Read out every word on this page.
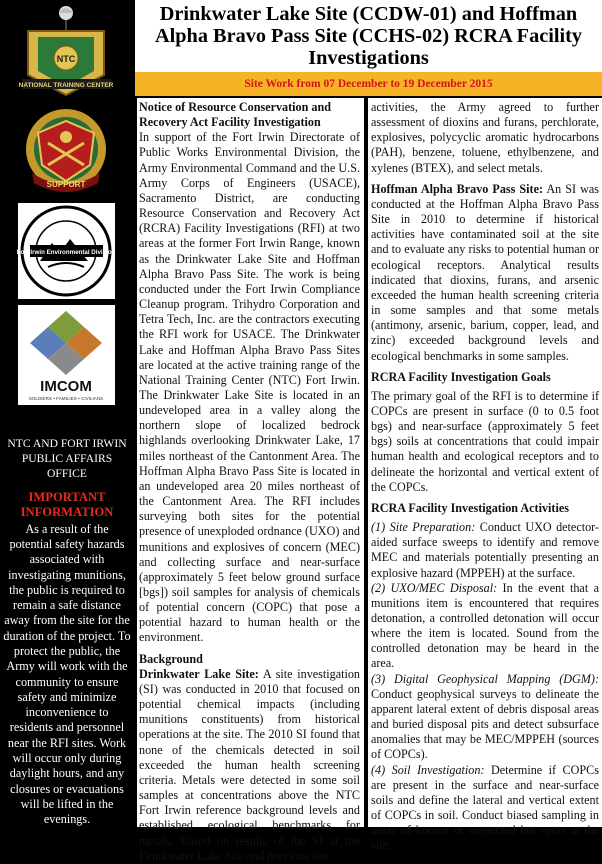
NTC
NATIONAL TRAINING CENTER
SUPPORT
Fort Irwin Environmental Division
IMCOM
SOLDIERS • FAMILIES • CIVILIANS
NTC AND FORT IRWIN PUBLIC AFFAIRS OFFICE
IMPORTANT INFORMATION
As a result of the potential safety hazards associated with investigating munitions, the public is required to remain a safe distance away from the site for the duration of the project. To protect the public, the Army will work with the community to ensure safety and minimize inconvenience to residents and personnel near the RFI sites. Work will occur only during daylight hours, and any closures or evacuations will be lifted in the evenings.
Drinkwater Lake Site (CCDW-01) and Hoffman Alpha Bravo Pass Site (CCHS-02) RCRA Facility Investigations
Site Work from 07 December to 19 December 2015
Notice of Resource Conservation and Recovery Act Facility Investigation

In support of the Fort Irwin Directorate of Public Works Environmental Division, the Army Environmental Command and the U.S. Army Corps of Engineers (USACE), Sacramento District, are conducting Resource Conservation and Recovery Act (RCRA) Facility Investigations (RFI) at two areas at the former Fort Irwin Range, known as the Drinkwater Lake Site and Hoffman Alpha Bravo Pass Site. The work is being conducted under the Fort Irwin Compliance Cleanup program. Trihydro Corporation and Tetra Tech, Inc. are the contractors executing the RFI work for USACE. The Drinkwater Lake and Hoffman Alpha Bravo Pass Sites are located at the active training range of the National Training Center (NTC) Fort Irwin. The Drinkwater Lake Site is located in an undeveloped area in a valley along the northern slope of localized bedrock highlands overlooking Drinkwater Lake, 17 miles northeast of the Cantonment Area. The Hoffman Alpha Bravo Pass Site is located in an undeveloped area 20 miles northeast of the Cantonment Area. The RFI includes surveying both sites for the potential presence of unexploded ordnance (UXO) and munitions and explosives of concern (MEC) and collecting surface and near-surface (approximately 5 feet below ground surface [bgs]) soil samples for analysis of chemicals of potential concern (COPC) that pose a potential hazard to human health or the environment.

Background

Drinkwater Lake Site: A site investigation (SI) was conducted in 2010 that focused on potential chemical impacts (including munitions constituents) from historical operations at the site. The 2010 SI found that none of the chemicals detected in soil exceeded the human health screening criteria. Metals were detected in some soil samples at concentrations above the NTC Fort Irwin reference background levels and established ecological benchmarks for metals. Based on results of the SI at the Drinkwater Lake Site and previous site

activities, the Army agreed to further assessment of dioxins and furans, perchlorate, explosives, polycyclic aromatic hydrocarbons (PAH), benzene, toluene, ethylbenzene, and xylenes (BTEX), and select metals.

Hoffman Alpha Bravo Pass Site: An SI was conducted at the Hoffman Alpha Bravo Pass Site in 2010 to determine if historical activities have contaminated soil at the site and to evaluate any risks to potential human or ecological receptors. Analytical results indicated that dioxins, furans, and arsenic exceeded the human health screening criteria in some samples and that some metals (antimony, arsenic, barium, copper, lead, and zinc) exceeded background levels and ecological benchmarks in some samples.

RCRA Facility Investigation Goals

The primary goal of the RFI is to determine if COPCs are present in surface (0 to 0.5 foot bgs) and near-surface (approximately 5 feet bgs) soils at concentrations that could impair human health and ecological receptors and to delineate the horizontal and vertical extent of the COPCs.

RCRA Facility Investigation Activities

(1) Site Preparation: Conduct UXO detector-aided surface sweeps to identify and remove MEC and materials potentially presenting an explosive hazard (MPPEH) at the surface.

(2) UXO/MEC Disposal: In the event that a munitions item is encountered that requires detonation, a controlled detonation will occur where the item is located. Sound from the controlled detonation may be heard in the area.

(3) Digital Geophysical Mapping (DGM): Conduct geophysical surveys to delineate the apparent lateral extent of debris disposal areas and buried disposal pits and detect subsurface anomalies that may be MEC/MPPEH (sources of COPCs).

(4) Soil Investigation: Determine if COPCs are present in the surface and near-surface soils and define the lateral and vertical extent of COPCs in soil. Conduct biased sampling in areas of known or suspected hot spots at the site.
